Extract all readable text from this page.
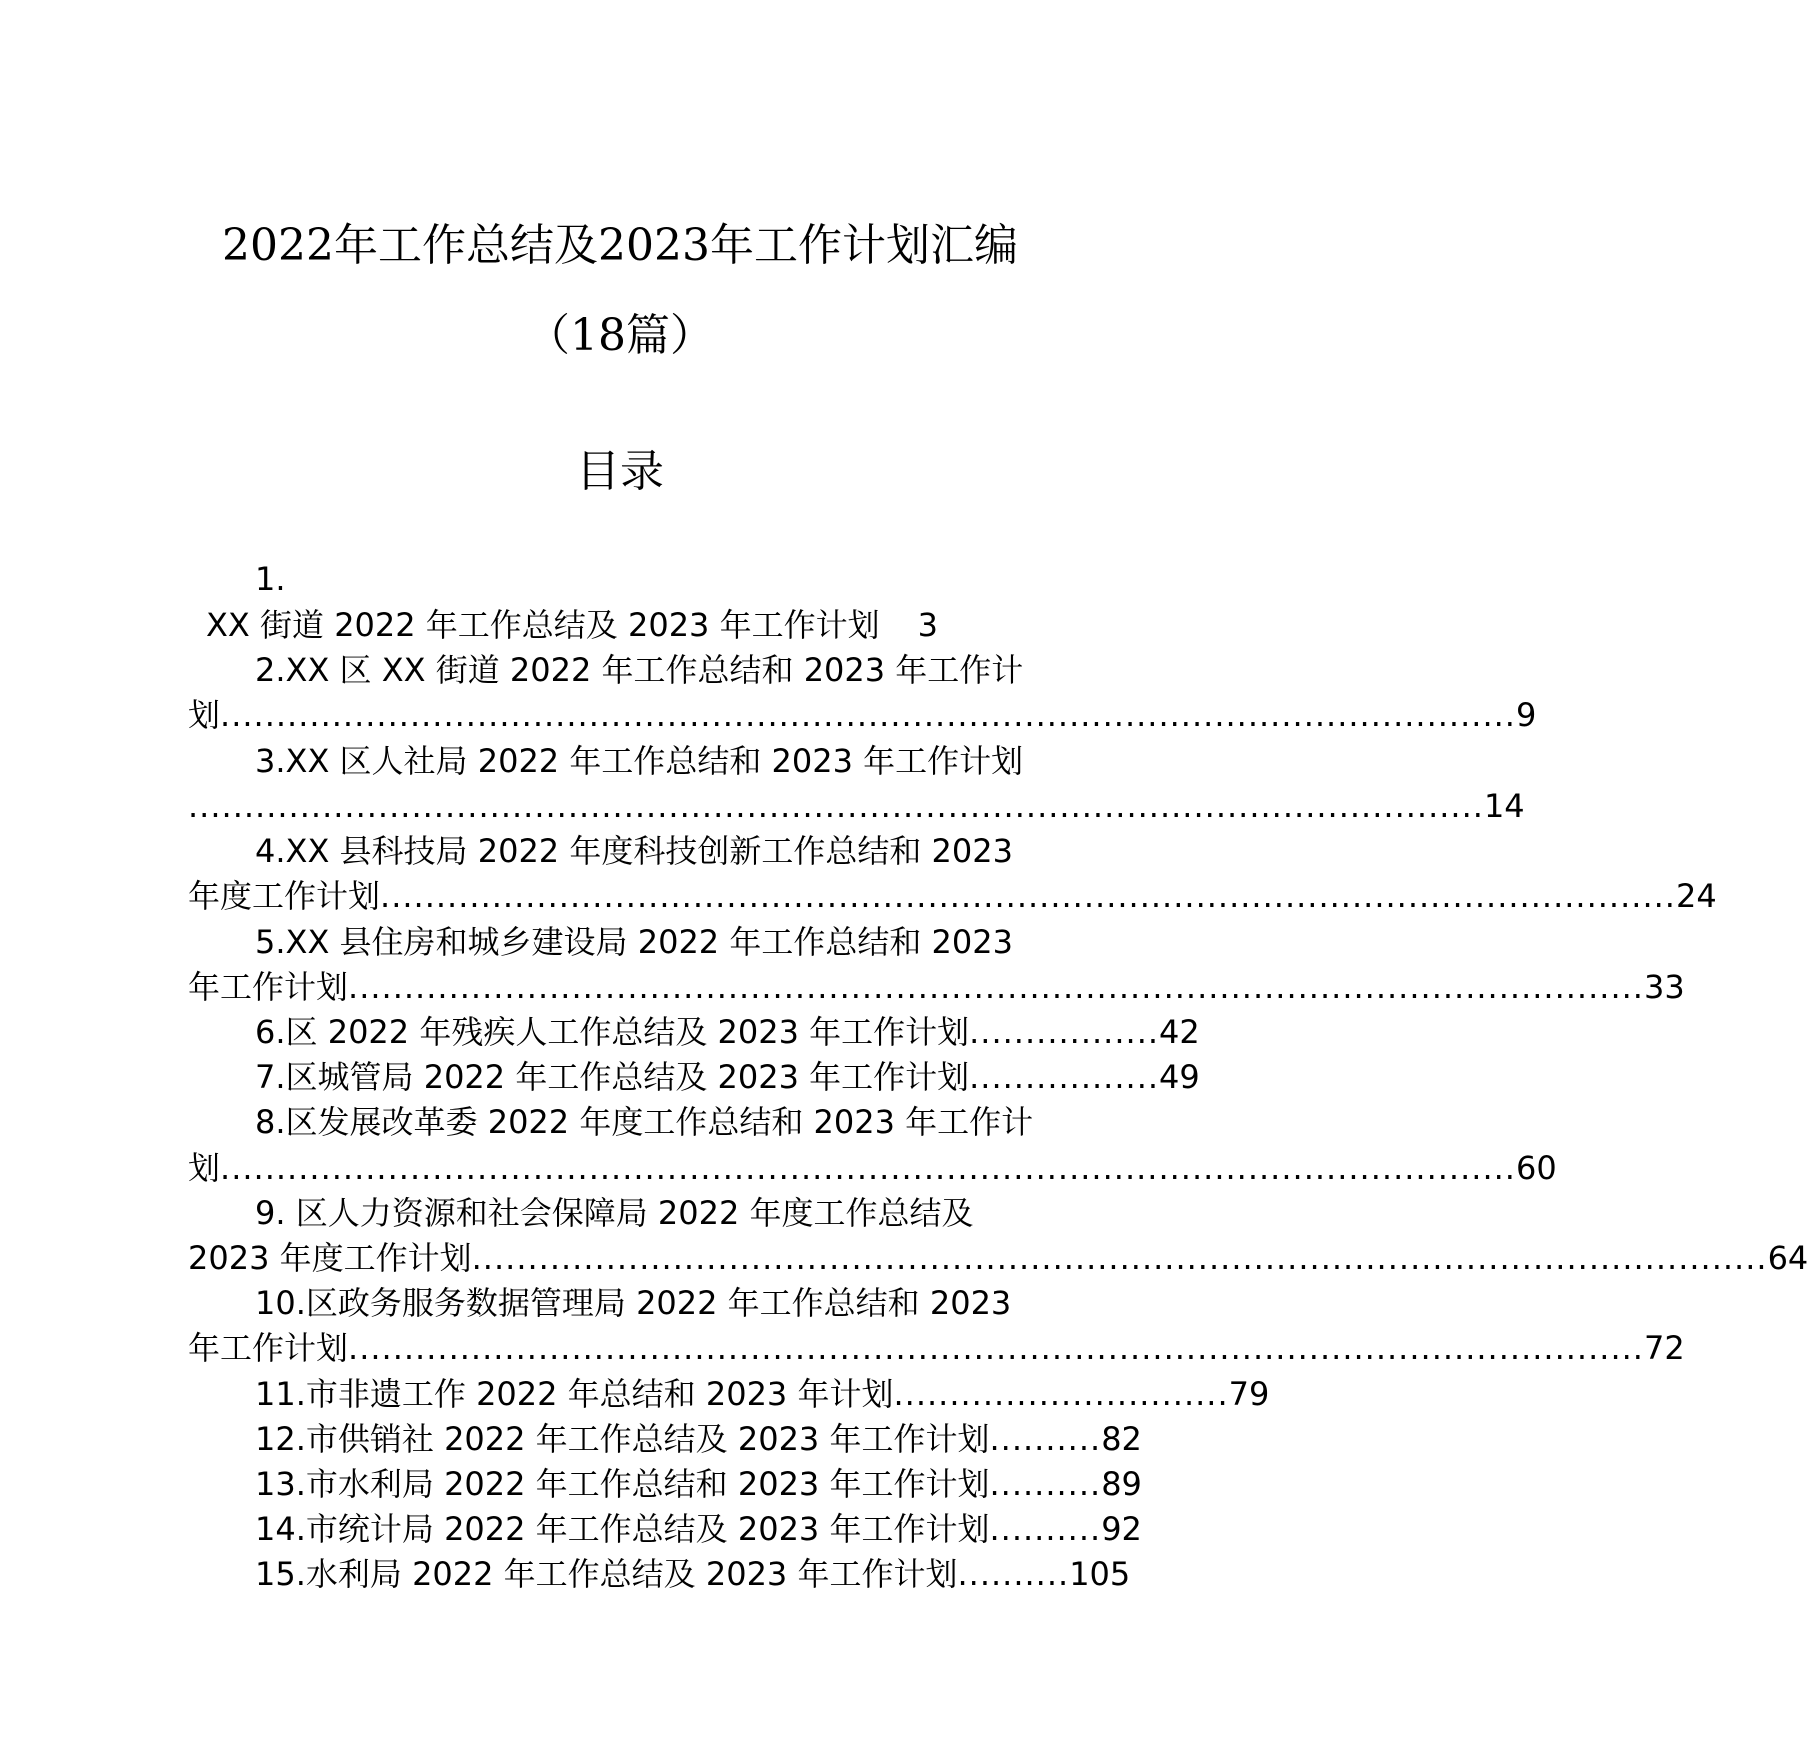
2022年工作总结及2023年工作计划汇编
（18篇）
目录
1.
XX 街道 2022 年工作总结及 2023 年工作计划 3
2.XX 区 XX 街道 2022 年工作总结和 2023 年工作计
划 .................................................................................................................... 9
3.XX 区人社局 2022 年工作总结和 2023 年工作计划
.................................................................................................................... 14
4.XX 县科技局 2022 年度科技创新工作总结和 2023
年度工作计划 .................................................................................................................... 24
5.XX 县住房和城乡建设局 2022 年工作总结和 2023
年工作计划 .................................................................................................................... 33
6.区 2022 年残疾人工作总结及 2023 年工作计划 ................. 42
7.区城管局 2022 年工作总结及 2023 年工作计划 ................. 49
8.区发展改革委 2022 年度工作总结和 2023 年工作计
划 .................................................................................................................... 60
9. 区人力资源和社会保障局 2022 年度工作总结及
2023 年度工作计划 .................................................................................................................... 64
10.区政务服务数据管理局 2022 年工作总结和 2023
年工作计划 .................................................................................................................... 72
11.市非遗工作 2022 年总结和 2023 年计划 .............................. 79
12.市供销社 2022 年工作总结及 2023 年工作计划 .......... 82
13.市水利局 2022 年工作总结和 2023 年工作计划 .......... 89
14.市统计局 2022 年工作总结及 2023 年工作计划 .......... 92
15.水利局 2022 年工作总结及 2023 年工作计划 .......... 105
